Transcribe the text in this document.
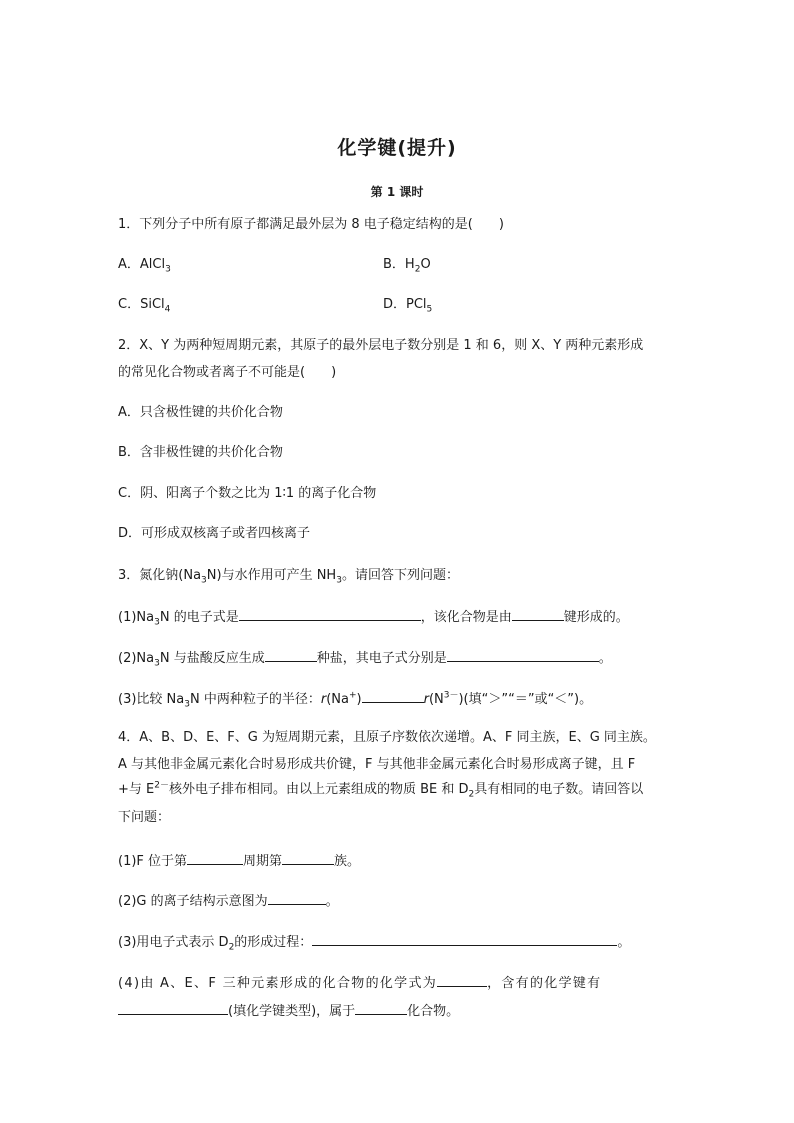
化学键(提升)
第 1 课时
1．下列分子中所有原子都满足最外层为 8 电子稳定结构的是(　　)
A．AlCl$_3$	B．$H_2O$
C．SiCl$_4$	D．PCl$_5$
2．X、Y 为两种短周期元素，其原子的最外层电子数分别是 1 和 6，则 X、Y 两种元素形成
的常见化合物或者离子不可能是(　　)
A．只含极性键的共价化合物
B．含非极性键的共价化合物
C．阴、阳离子个数之比为 1∶1 的离子化合物
D．可形成双核离子或者四核离子
3．氮化钠$(Na_3N)$与水作用可产生 $NH_3$。请回答下列问题：
$(1)Na_3N$ 的电子式是	，该化合物是由	键形成的。
$(2)Na_3N$ 与盐酸反应生成	种盐，其电子式分别是	。
(3)比较 $Na_3N$ 中两种粒子的半径：r(Na+)	$r(N^{3-})$(填“＞”“＝”或“＜”)。
4．A、B、D、E、F、G 为短周期元素，且原子序数依次递增。A、F 同主族，E、G 同主族。
A 与其他非金属元素化合时易形成共价键，F 与其他非金属元素化合时易形成离子键，且 F
+与 $E^{2-}$核外电子排布相同。由以上元素组成的物质 BE 和 $D_2$具有相同的电子数。请回答以
下问题：
(1)F 位于第	周期第	族。
(2)G 的离子结构示意图为	。
(3)用电子式表示 $D_2$的形成过程：	。
(4)由 A、E、F 三种元素形成的化合物的化学式为	，含有的化学键有
(填化学键类型)，属于	化合物。
